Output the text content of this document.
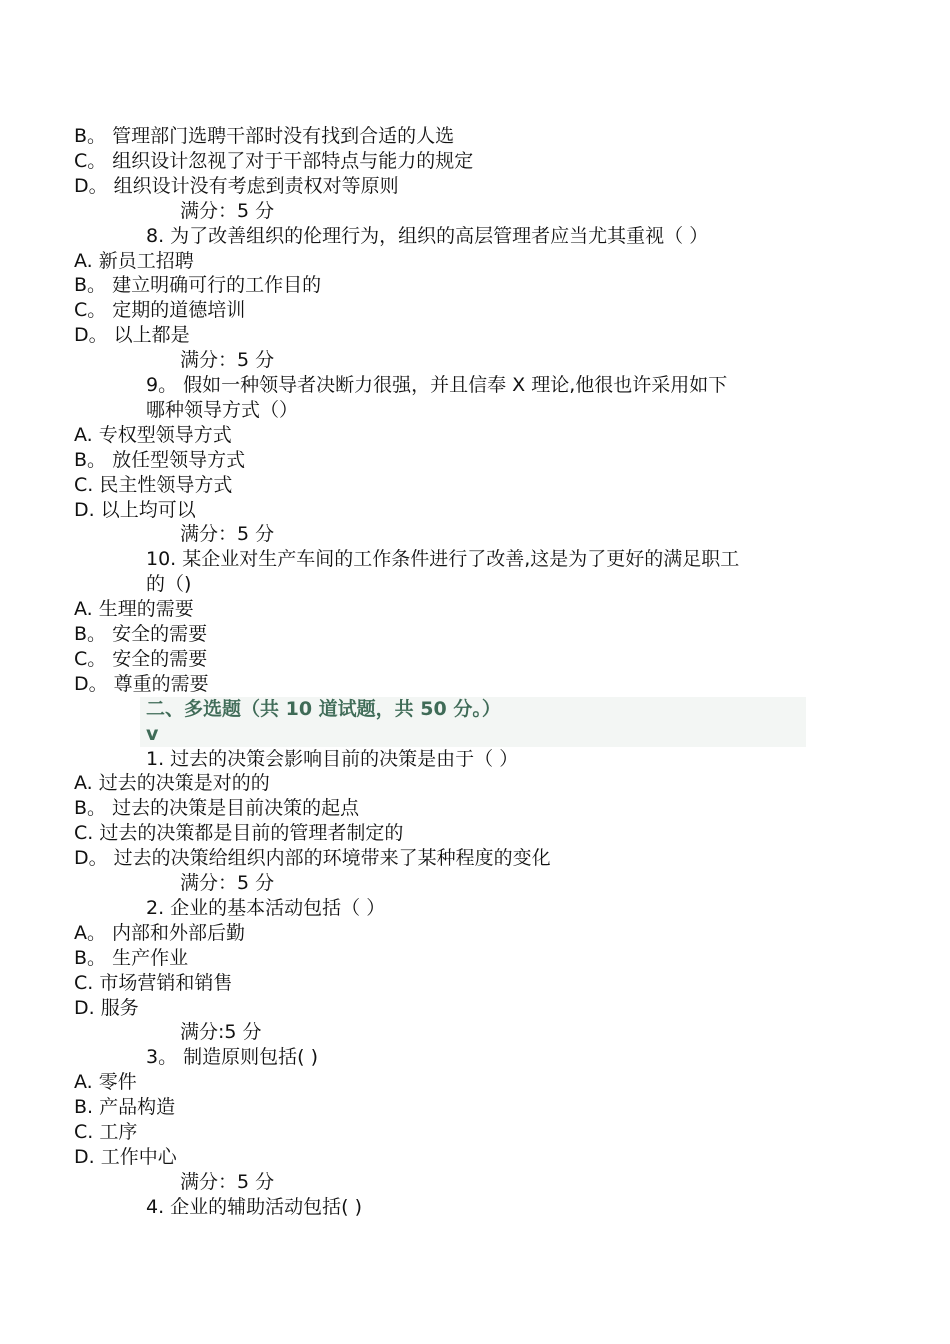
B。 管理部门选聘干部时没有找到合适的人选
C。 组织设计忽视了对于干部特点与能力的规定
D。 组织设计没有考虑到责权对等原则
满分：5 分
8. 为了改善组织的伦理行为，组织的高层管理者应当尤其重视（ ）
A. 新员工招聘
B。 建立明确可行的工作目的
C。 定期的道德培训
D。 以上都是
满分：5 分
9。 假如一种领导者决断力很强，并且信奉 X 理论,他很也许采用如下
哪种领导方式（）
A. 专权型领导方式
B。 放任型领导方式
C. 民主性领导方式
D. 以上均可以
满分：5 分
10. 某企业对生产车间的工作条件进行了改善,这是为了更好的满足职工
的（)
A. 生理的需要
B。 安全的需要
C。 安全的需要
D。 尊重的需要
二、多选题（共 10 道试题，共 50 分。）
v
1. 过去的决策会影响目前的决策是由于（ ）
A. 过去的决策是对的的
B。 过去的决策是目前决策的起点
C. 过去的决策都是目前的管理者制定的
D。 过去的决策给组织内部的环境带来了某种程度的变化
满分：5 分
2. 企业的基本活动包括（ ）
A。 内部和外部后勤
B。 生产作业
C. 市场营销和销售
D. 服务
满分:5 分
3。 制造原则包括( )
A. 零件
B. 产品构造
C. 工序
D. 工作中心
满分：5 分
4. 企业的辅助活动包括( )
